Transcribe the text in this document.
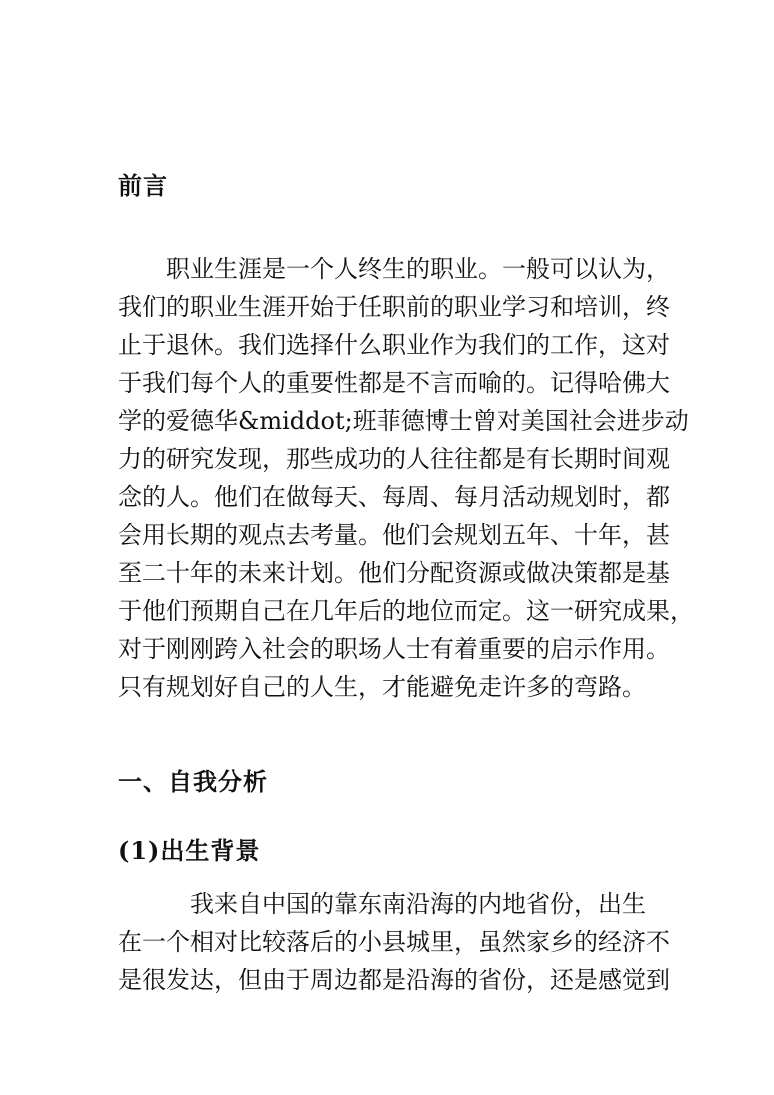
前言
　　职业生涯是一个人终生的职业。一般可以认为，
我们的职业生涯开始于任职前的职业学习和培训，终
止于退休。我们选择什么职业作为我们的工作，这对
于我们每个人的重要性都是不言而喻的。记得哈佛大
学的爱德华&middot;班菲德博士曾对美国社会进步动
力的研究发现，那些成功的人往往都是有长期时间观
念的人。他们在做每天、每周、每月活动规划时，都
会用长期的观点去考量。他们会规划五年、十年，甚
至二十年的未来计划。他们分配资源或做决策都是基
于他们预期自己在几年后的地位而定。这一研究成果，
对于刚刚跨入社会的职场人士有着重要的启示作用。
只有规划好自己的人生，才能避免走许多的弯路。
一、自我分析
(1)出生背景
　　　我来自中国的靠东南沿海的内地省份，出生
在一个相对比较落后的小县城里，虽然家乡的经济不
是很发达，但由于周边都是沿海的省份，还是感觉到
